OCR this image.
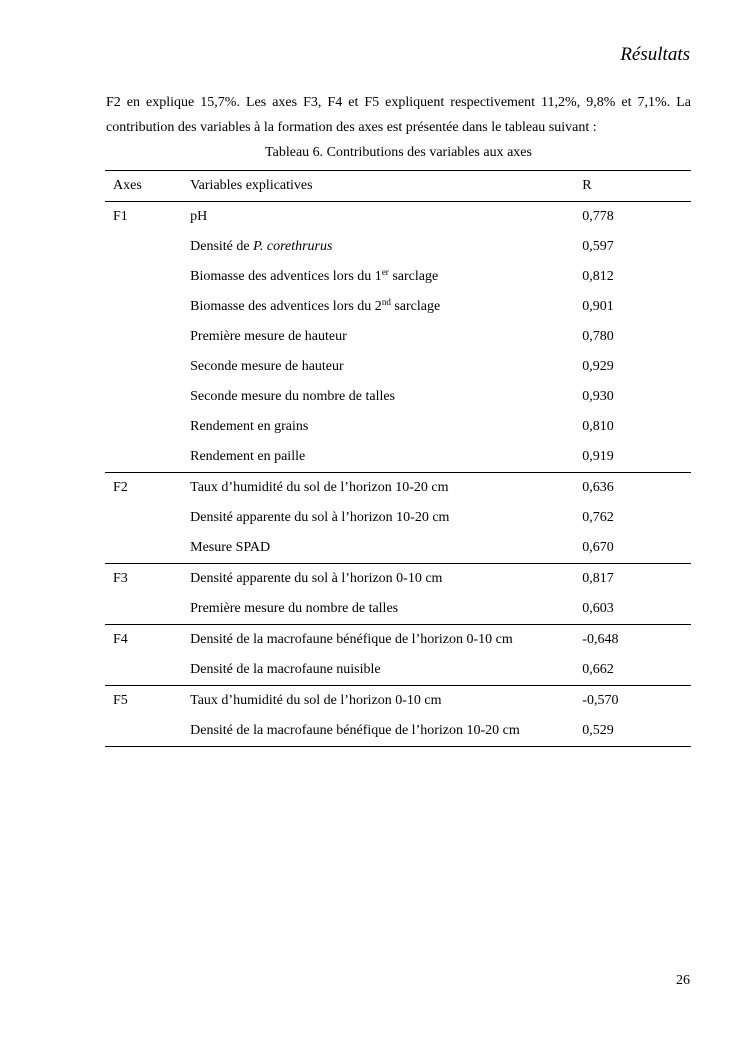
Résultats

F2 en explique 15,7%. Les axes F3, F4 et F5 expliquent respectivement 11,2%, 9,8% et 7,1%. La
contribution des variables à la formation des axes est présentée dans le tableau suivant :

Tableau 6. Contributions des variables aux axes
Axes	Variables explicatives	R
F1	pH	0,778
	Densité de P. corethrurus	0,597
	Biomasse des adventices lors du 1er sarclage	0,812
	Biomasse des adventices lors du 2nd sarclage	0,901
	Première mesure de hauteur	0,780
	Seconde mesure de hauteur	0,929
	Seconde mesure du nombre de talles	0,930
	Rendement en grains	0,810
	Rendement en paille	0,919
F2	Taux d’humidité du sol de l’horizon 10-20 cm	0,636
	Densité apparente du sol à l’horizon 10-20 cm	0,762
	Mesure SPAD	0,670
F3	Densité apparente du sol à l’horizon 0-10 cm	0,817
	Première mesure du nombre de talles	0,603
F4	Densité de la macrofaune bénéfique de l’horizon 0-10 cm	-0,648
	Densité de la macrofaune nuisible	0,662
F5	Taux d’humidité du sol de l’horizon 0-10 cm	-0,570
	Densité de la macrofaune bénéfique de l’horizon 10-20 cm	0,529
26
